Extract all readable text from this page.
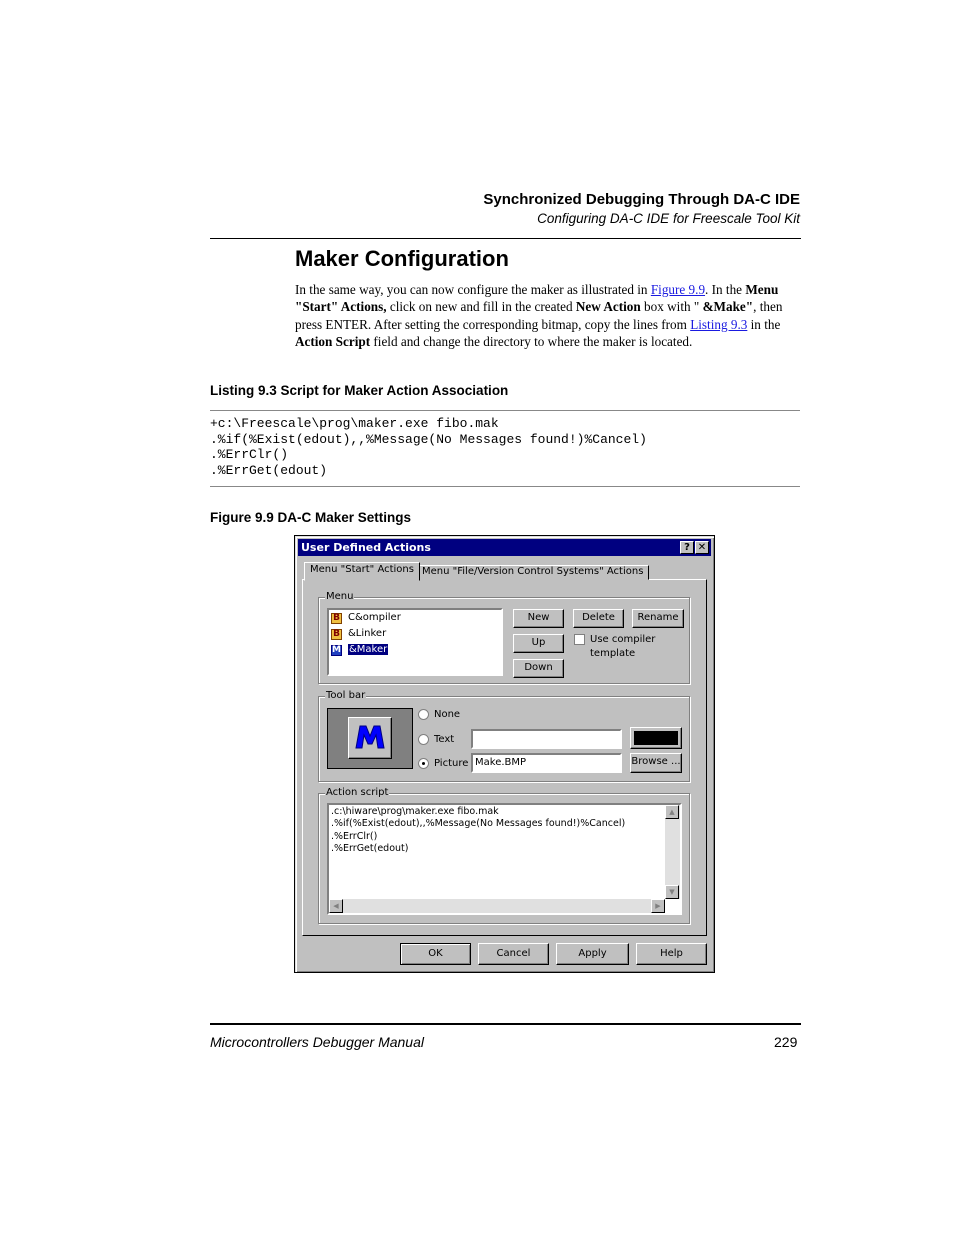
Synchronized Debugging Through DA-C IDE
Configuring DA-C IDE for Freescale Tool Kit
Maker Configuration
In the same way, you can now configure the maker as illustrated in Figure 9.9. In the Menu "Start" Actions, click on new and fill in the created New Action box with " &Make", then press ENTER. After setting the corresponding bitmap, copy the lines from Listing 9.3 in the Action Script field and change the directory to where the maker is located.
Listing 9.3 Script for Maker Action Association
+c:\Freescale\prog\maker.exe fibo.mak
.%if(%Exist(edout),,%Message(No Messages found!)%Cancel)
.%ErrClr()
.%ErrGet(edout)
Figure 9.9 DA-C Maker Settings
User Defined Actions	? ✕
Menu "Start" Actions Menu "File/Version Control Systems" Actions
Menu
B C&ompiler
B &Linker
M &Maker
New	Delete	Rename
Up
Down
Use compiler template
Tool bar
None
Text
Picture Make.BMP	Browse ...
Action script
.c:\hiware\prog\maker.exe fibo.mak
.%if(%Exist(edout),,%Message(No Messages found!)%Cancel)
.%ErrClr()
.%ErrGet(edout)
▲
▼
◀	▶
OK	Cancel	Apply	Help
Microcontrollers Debugger Manual	229
